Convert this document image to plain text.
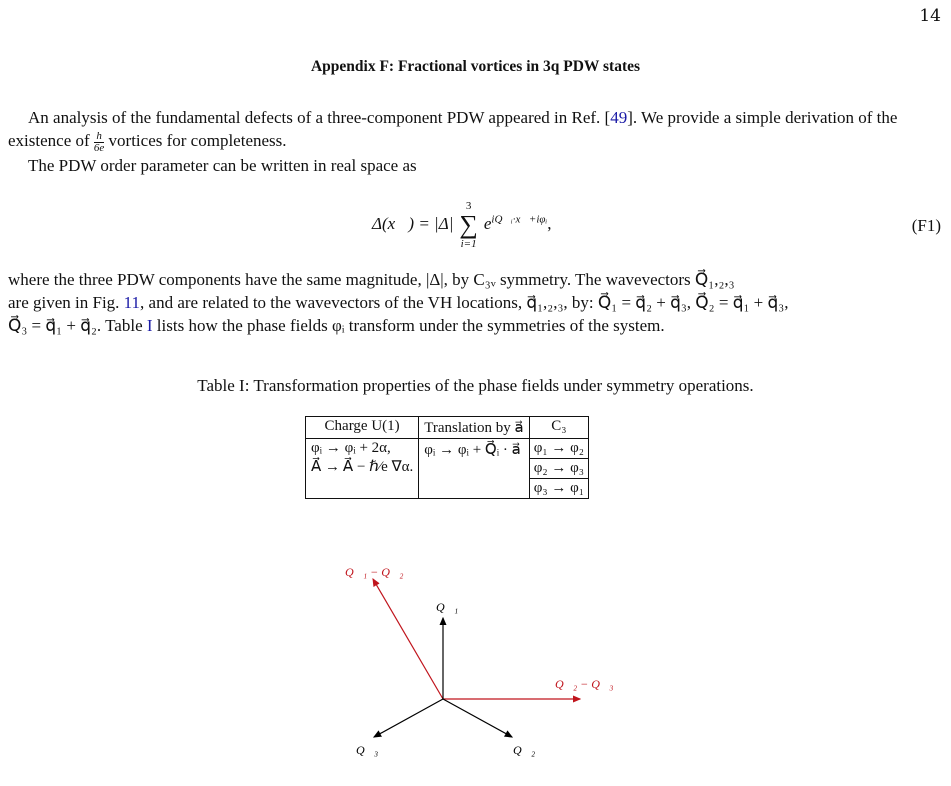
14
Appendix F: Fractional vortices in 3q PDW states
An analysis of the fundamental defects of a three-component PDW appeared in Ref. [49]. We provide a simple derivation of the existence of $\frac{h}{6e}$ vortices for completeness.
The PDW order parameter can be written in real space as
Δ(x⃗) = |Δ|
3
∑
i=1
$e^{iQ⃗ᵢ\cdot x⃗+i\varphi ᵢ}$,	(F1)
where the three PDW components have the same magnitude, |Δ|, by C₃ᵥ symmetry. The wavevectors Q⃗₁,₂,₃
are given in Fig. 11, and are related to the wavevectors of the VH locations, q⃗₁,₂,₃, by: Q⃗₁ = q⃗₂ + q⃗₃, Q⃗₂ = q⃗₁ + q⃗₃,
Q⃗₃ = q⃗₁ + q⃗₂. Table I lists how the phase fields φᵢ transform under the symmetries of the system.
Table I: Transformation properties of the phase fields under symmetry operations.
Charge U(1)	Translation by a⃗	C₃

φᵢ → φᵢ + 2α,
A⃗ → A⃗ − ℏ⁄e ∇α.	φᵢ → φᵢ + Q⃗ᵢ · a⃗	φ₁ → φ₂
φ₂ → φ₃
φ₃ → φ₁
Q⃗₁ − Q⃗₂
Q⃗₁
Q⃗₂ − Q⃗₃
Q⃗₃	Q⃗₂
